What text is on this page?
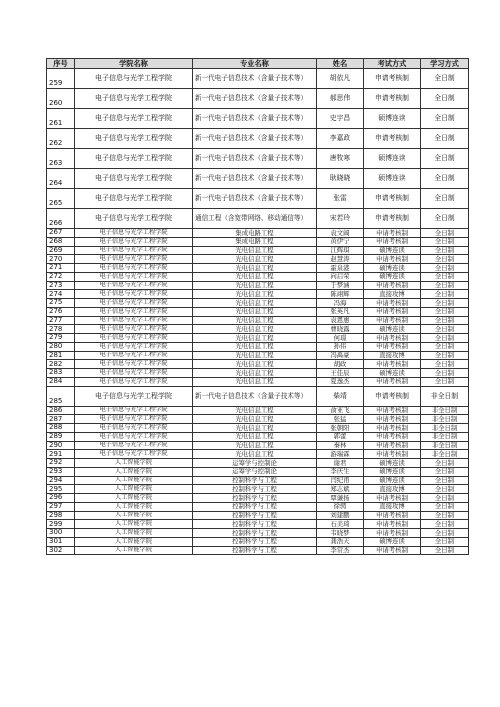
序号	学院名称	专业名称	姓名	考试方式	学习方式
259	电子信息与光学工程学院	新一代电子信息技术（含量子技术等）	胡依凡	申请考核制	全日制
260	电子信息与光学工程学院	新一代电子信息技术（含量子技术等）	郝思伟	申请考核制	全日制
261	电子信息与光学工程学院	新一代电子信息技术（含量子技术等）	史宇昌	硕博连读	全日制
262	电子信息与光学工程学院	新一代电子信息技术（含量子技术等）	李嘉政	申请考核制	全日制
263	电子信息与光学工程学院	新一代电子信息技术（含量子技术等）	唐牧寒	硕博连读	全日制
264	电子信息与光学工程学院	新一代电子信息技术（含量子技术等）	耿晓晓	硕博连读	全日制
265	电子信息与光学工程学院	新一代电子信息技术（含量子技术等）	张雷	申请考核制	全日制
266	电子信息与光学工程学院	通信工程（含宽带网络、移动通信等）	宋若玲	申请考核制	全日制
267	电子信息与光学工程学院	集成电路工程	袁文阔	申请考核制	全日制
268	电子信息与光学工程学院	集成电路工程	黄伊宁	申请考核制	全日制
269	电子信息与光学工程学院	光电信息工程	江辉琪	硕博连读	全日制
270	电子信息与光学工程学院	光电信息工程	赵慧涛	申请考核制	全日制
271	电子信息与光学工程学院	光电信息工程	霍泉港	硕博连读	全日制
272	电子信息与光学工程学院	光电信息工程	向启荣	硕博连读	全日制
273	电子信息与光学工程学院	光电信息工程	于梦涵	申请考核制	全日制
274	电子信息与光学工程学院	光电信息工程	陈翊辉	直接攻博	全日制
275	电子信息与光学工程学院	光电信息工程	冯海	申请考核制	全日制
276	电子信息与光学工程学院	光电信息工程	张英凡	申请考核制	全日制
277	电子信息与光学工程学院	光电信息工程	袁恩惠	申请考核制	全日制
278	电子信息与光学工程学院	光电信息工程	曹晓露	硕博连读	全日制
279	电子信息与光学工程学院	光电信息工程	何璟	申请考核制	全日制
280	电子信息与光学工程学院	光电信息工程	孙伟	申请考核制	全日制
281	电子信息与光学工程学院	光电信息工程	冯禹豪	直接攻博	全日制
282	电子信息与光学工程学院	光电信息工程	胡政	申请考核制	全日制
283	电子信息与光学工程学院	光电信息工程	王佳辰	硕博连读	全日制
284	电子信息与光学工程学院	光电信息工程	夏逸杰	申请考核制	全日制
285	电子信息与光学工程学院	新一代电子信息技术（含量子技术等）	柴靖	申请考核制	非全日制
286	电子信息与光学工程学院	光电信息工程	俞亚飞	申请考核制	非全日制
287	电子信息与光学工程学院	光电信息工程	张猛	申请考核制	非全日制
288	电子信息与光学工程学院	光电信息工程	张朝阳	申请考核制	非全日制
289	电子信息与光学工程学院	光电信息工程	郭蕾	申请考核制	非全日制
290	电子信息与光学工程学院	光电信息工程	秦林	申请考核制	非全日制
291	电子信息与光学工程学院	光电信息工程	游瑞霖	申请考核制	非全日制
292	人工智能学院	运筹学与控制论	谢君	硕博连读	全日制
293	人工智能学院	运筹学与控制论	李庆生	硕博连读	全日制
294	人工智能学院	控制科学与工程	闫纪甫	硕博连读	全日制
295	人工智能学院	控制科学与工程	郑志斌	直接攻博	全日制
296	人工智能学院	控制科学与工程	覃谦扬	申请考核制	全日制
297	人工智能学院	控制科学与工程	徐骋	直接攻博	全日制
298	人工智能学院	控制科学与工程	刘建鹏	申请考核制	全日制
299	人工智能学院	控制科学与工程	石美琦	申请考核制	全日制
300	人工智能学院	控制科学与工程	韦晓梦	申请考核制	全日制
301	人工智能学院	控制科学与工程	龚浩天	硕博连读	全日制
302	人工智能学院	控制科学与工程	李常杰	申请考核制	全日制
